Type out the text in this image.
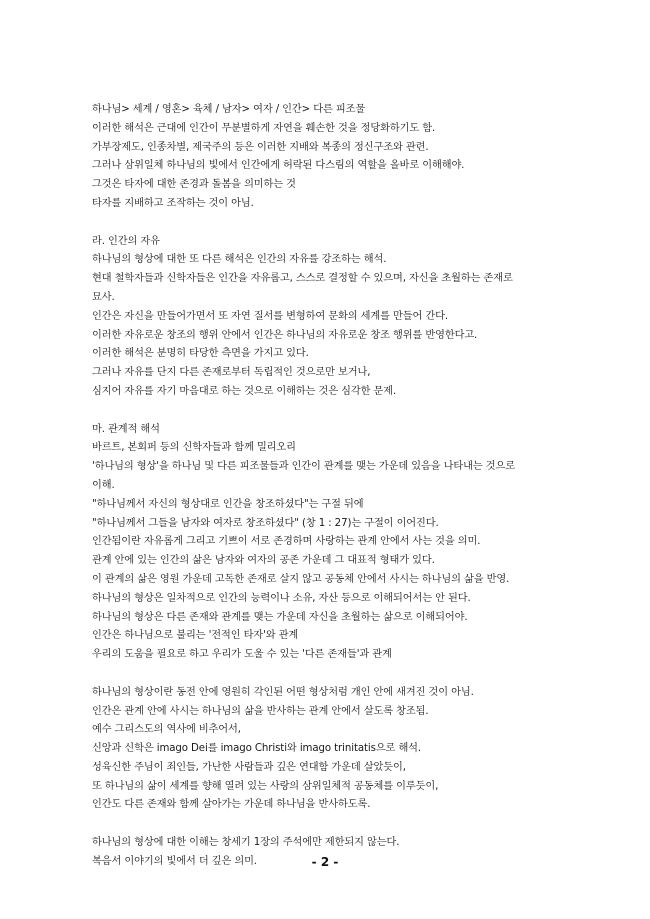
하나님> 세계 / 영혼> 육체 / 남자> 여자 / 인간> 다른 피조물
이러한 해석은 근대에 인간이 무분별하게 자연을 훼손한 것을 정당화하기도 함.
가부장제도, 인종차별, 제국주의 등은 이러한 지배와 복종의 정신구조와 관련.
그러나 삼위일체 하나님의 빛에서 인간에게 허락된 다스림의 역할을 올바로 이해해야.
그것은 타자에 대한 존경과 돌봄을 의미하는 것
타자를 지배하고 조작하는 것이 아님.
라. 인간의 자유
하나님의 형상에 대한 또 다른 해석은 인간의 자유를 강조하는 해석.
현대 철학자들과 신학자들은 인간을 자유롭고, 스스로 결정할 수 있으며, 자신을 초월하는 존재로
묘사.
인간은 자신을 만들어가면서 또 자연 질서를 변형하여 문화의 세계를 만들어 간다.
이러한 자유로운 창조의 행위 안에서 인간은 하나님의 자유로운 창조 행위를 반영한다고.
이러한 해석은 분명히 타당한 측면을 가지고 있다.
그러나 자유를 단지 다른 존재로부터 독립적인 것으로만 보거나,
심지어 자유를 자기 마음대로 하는 것으로 이해하는 것은 심각한 문제.
마. 관계적 해석
바르트, 본회퍼 등의 신학자들과 함께 밀리오리
'하나님의 형상'을 하나님 및 다른 피조물들과 인간이 관계를 맺는 가운데 있음을 나타내는 것으로
이해.
"하나님께서 자신의 형상대로 인간을 창조하셨다"는 구절 뒤에
"하나님께서 그들을 남자와 여자로 창조하셨다" (창 1 : 27)는 구절이 이어진다.
인간됨이란 자유롭게 그리고 기쁘이 서로 존경하며 사랑하는 관계 안에서 사는 것을 의미.
관계 안에 있는 인간의 삶은 남자와 여자의 공존 가운데 그 대표적 형태가 있다.
이 관계의 삶은 영원 가운데 고독한 존재로 살지 않고 공동체 안에서 사시는 하나님의 삶을 반영.
하나님의 형상은 일차적으로 인간의 능력이나 소유, 자산 등으로 이해되어서는 안 된다.
하나님의 형상은 다른 존재와 관계를 맺는 가운데 자신을 초월하는 삶으로 이해되어야.
인간은 하나님으로 불리는 '전적인 타자'와 관계
우리의 도움을 필요로 하고 우리가 도울 수 있는 '다른 존재들'과 관계
하나님의 형상이란 동전 안에 영원히 각인된 어떤 형상처럼 개인 안에 새겨진 것이 아님.
인간은 관계 안에 사시는 하나님의 삶을 반사하는 관계 안에서 살도록 창조됨.
예수 그리스도의 역사에 비추어서,
신앙과 신학은 imago Dei를 imago Christi와 imago trinitatis으로 해석.
성육신한 주님이 죄인들, 가난한 사람들과 깊은 연대함 가운데 살았듯이,
또 하나님의 삶이 세계를 향해 열려 있는 사랑의 삼위일체적 공동체를 이루듯이,
인간도 다른 존재와 함께 살아가는 가운데 하나님을 반사하도록.
하나님의 형상에 대한 이해는 창세기 1장의 주석에만 제한되지 않는다.
복음서 이야기의 빛에서 더 깊은 의미.	- 2 -
